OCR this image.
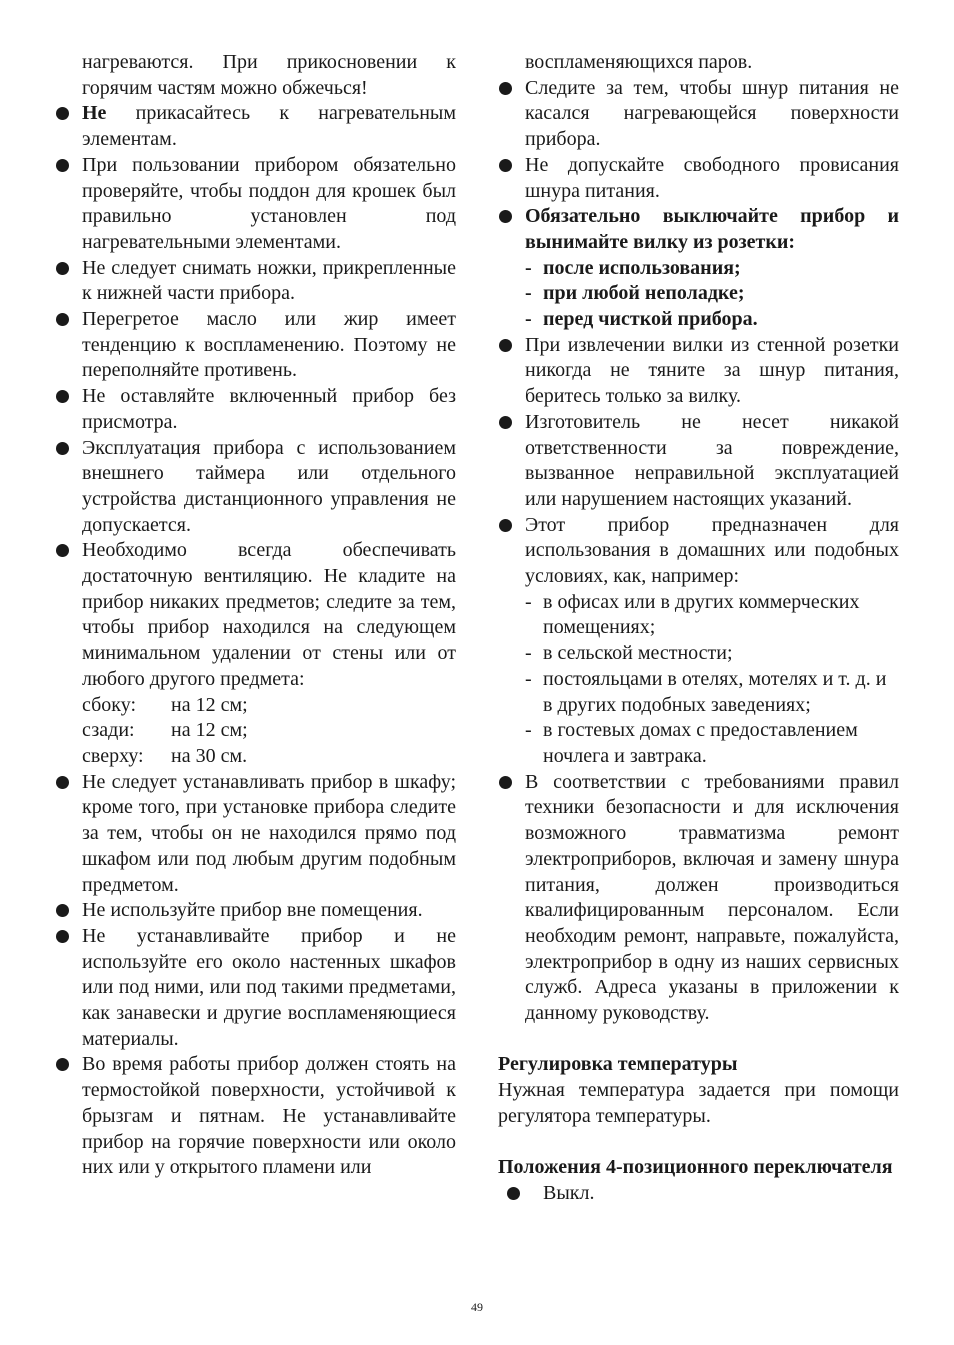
нагреваются. При прикосновении к горячим частям можно обжечься!

Не прикасайтесь к нагревательным элементам.
При пользовании прибором обязательно проверяйте, чтобы поддон для крошек был правильно установлен под нагревательными элементами.
Не следует снимать ножки, прикрепленные к нижней части прибора.
Перегретое масло или жир имеет тенденцию к воспламенению. Поэтому не переполняйте противень.
Не оставляйте включенный прибор без присмотра.
Эксплуатация прибора с использованием внешнего таймера или отдельного устройства дистанционного управления не допускается.
Необходимо всегда обеспечивать достаточную вентиляцию. Не кладите на прибор никаких предметов; следите за тем, чтобы прибор находился на следующем минимальном удалении от стены или от любого другого предмета:
сбоку:	на 12 см;
сзади:	на 12 см;
сверху:	на 30 см.
Не следует устанавливать прибор в шкафу; кроме того, при установке прибора следите за тем, чтобы он не находился прямо под шкафом или под любым другим подобным предметом.
Не используйте прибор вне помещения.
Не устанавливайте прибор и не используйте его около настенных шкафов или под ними, или под такими предметами, как занавески и другие воспламеняющиеся материалы.
Во время работы прибор должен стоять на термостойкой поверхности, устойчивой к брызгам и пятнам. Не устанавливайте прибор на горячие поверхности или около них или у открытого пламени или

воспламеняющихся паров.

Следите за тем, чтобы шнур питания не касался нагревающейся поверхности прибора.
Не допускайте свободного провисания шнура питания.
Обязательно выключайте прибор и вынимайте вилку из розетки:
- после использования;
- при любой неполадке;
- перед чисткой прибора.
При извлечении вилки из стенной розетки никогда не тяните за шнур питания, беритесь только за вилку.
Изготовитель не несет никакой ответственности за повреждение, вызванное неправильной эксплуатацией или нарушением настоящих указаний.
Этот прибор предназначен для использования в домашних или подобных условиях, как, например:
- в офисах или в других коммерческих помещениях;
- в сельской местности;
- постояльцами в отелях, мотелях и т. д. и в других подобных заведениях;
- в гостевых домах с предоставлением ночлега и завтрака.
В соответствии с требованиями правил техники безопасности и для исключения возможного травматизма ремонт электроприборов, включая и замену шнура питания, должен производиться квалифицированным персоналом. Если необходим ремонт, направьте, пожалуйста, электроприбор в одну из наших сервисных служб. Адреса указаны в приложении к данному руководству.

Регулировка температуры

Нужная температура задается при помощи регулятора температуры.

Положения 4-позиционного переключателя

Выкл.
49
